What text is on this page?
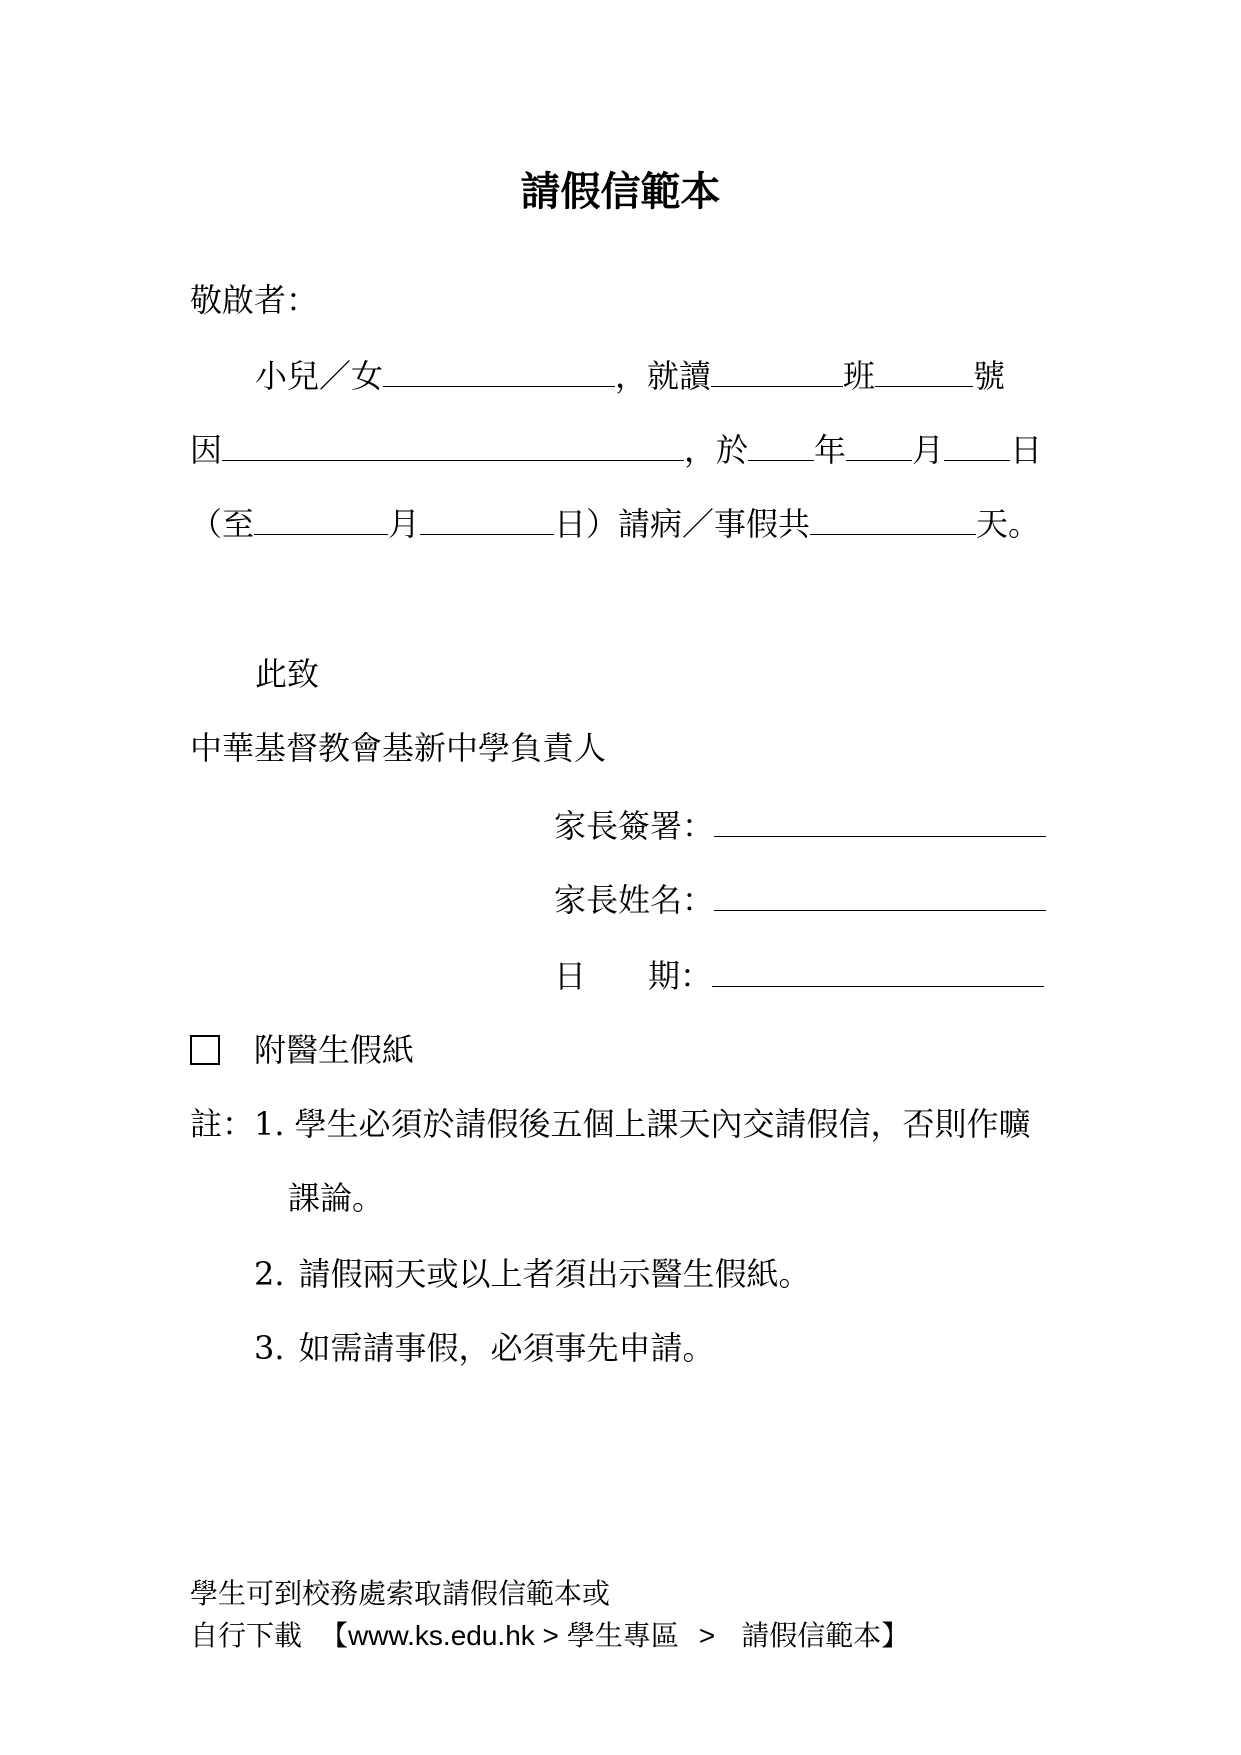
請假信範本
敬啟者：
小兒／女	，就讀	班	號
因	，於 年 月 日
（至	月	日）請病／事假共	天。
此致
中華基督教會基新中學負責人
家長簽署：
家長姓名：
日 期：
附醫生假紙
註：1. 學生必須於請假後五個上課天內交請假信，否則作曠
課論。
2. 請假兩天或以上者須出示醫生假紙。
3. 如需請事假，必須事先申請。
學生可到校務處索取請假信範本或
自行下載 【www.ks.edu.hk > 學生專區 > 請假信範本】
